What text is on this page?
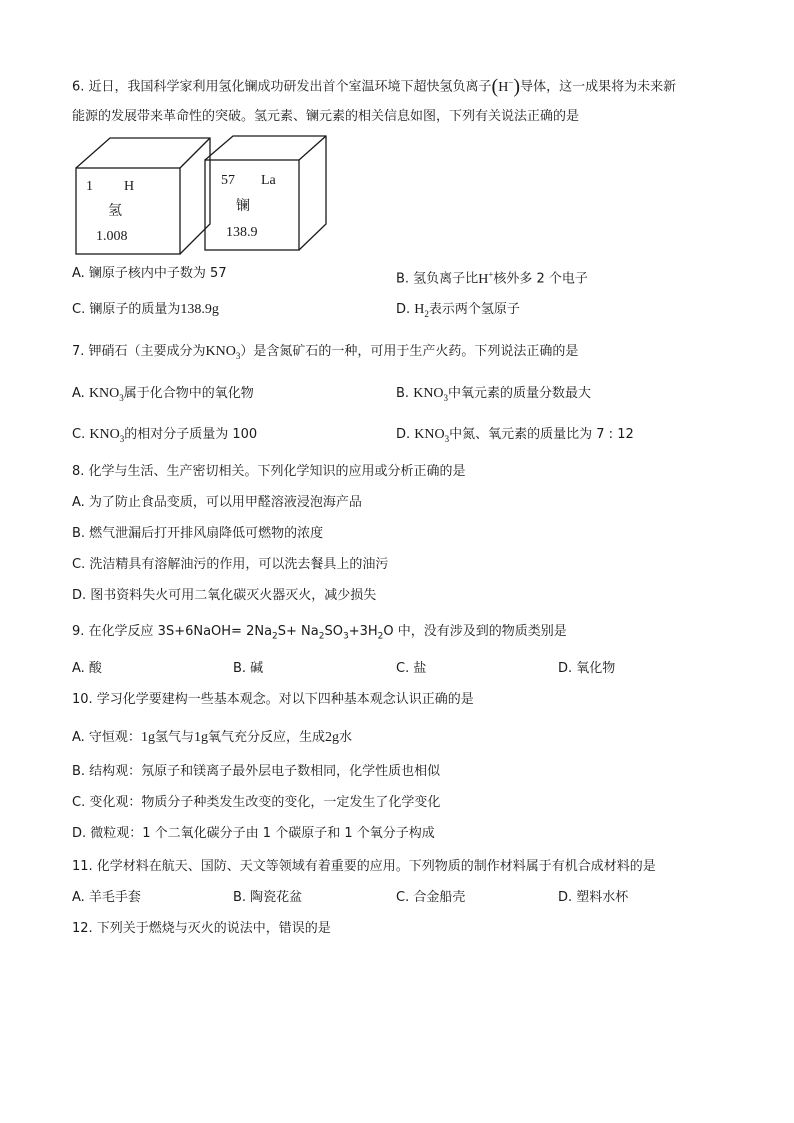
6. 近日，我国科学家利用氢化镧成功研发出首个室温环境下超快氢负离子(H−)导体，这一成果将为未来新
能源的发展带来革命性的突破。氢元素、镧元素的相关信息如图，下列有关说法正确的是
1 H
氢
1.008
57 La
镧
138.9
A. 镧原子核内中子数为 57	B. 氢负离子比H+核外多 2 个电子
C. 镧原子的质量为138.9g	D. $H_2$表示两个氢原子
7. 钾硝石（主要成分为$KNO_3$）是含氮矿石的一种，可用于生产火药。下列说法正确的是
A. $KNO_3$属于化合物中的氧化物	B. $KNO_3$中氧元素的质量分数最大
C. $KNO_3$的相对分子质量为 100	D. $KNO_3$中氮、氧元素的质量比为 7 : 12
8. 化学与生活、生产密切相关。下列化学知识的应用或分析正确的是
A. 为了防止食品变质，可以用甲醛溶液浸泡海产品
B. 燃气泄漏后打开排风扇降低可燃物的浓度
C. 洗洁精具有溶解油污的作用，可以洗去餐具上的油污
D. 图书资料失火可用二氧化碳灭火器灭火，减少损失
9. 在化学反应 3S+6NaOH= $2Na_2S+ Na_2SO_3+3H_2O$ 中，没有涉及到的物质类别是
A. 酸	B. 碱	C. 盐	D. 氧化物
10. 学习化学要建构一些基本观念。对以下四种基本观念认识正确的是
A. 守恒观：1g氢气与1g氧气充分反应，生成2g水
B. 结构观：氖原子和镁离子最外层电子数相同，化学性质也相似
C. 变化观：物质分子种类发生改变的变化，一定发生了化学变化
D. 微粒观：1 个二氧化碳分子由 1 个碳原子和 1 个氧分子构成
11. 化学材料在航天、国防、天文等领域有着重要的应用。下列物质的制作材料属于有机合成材料的是
A. 羊毛手套	B. 陶瓷花盆	C. 合金船壳	D. 塑料水杯
12. 下列关于燃烧与灭火的说法中，错误的是
